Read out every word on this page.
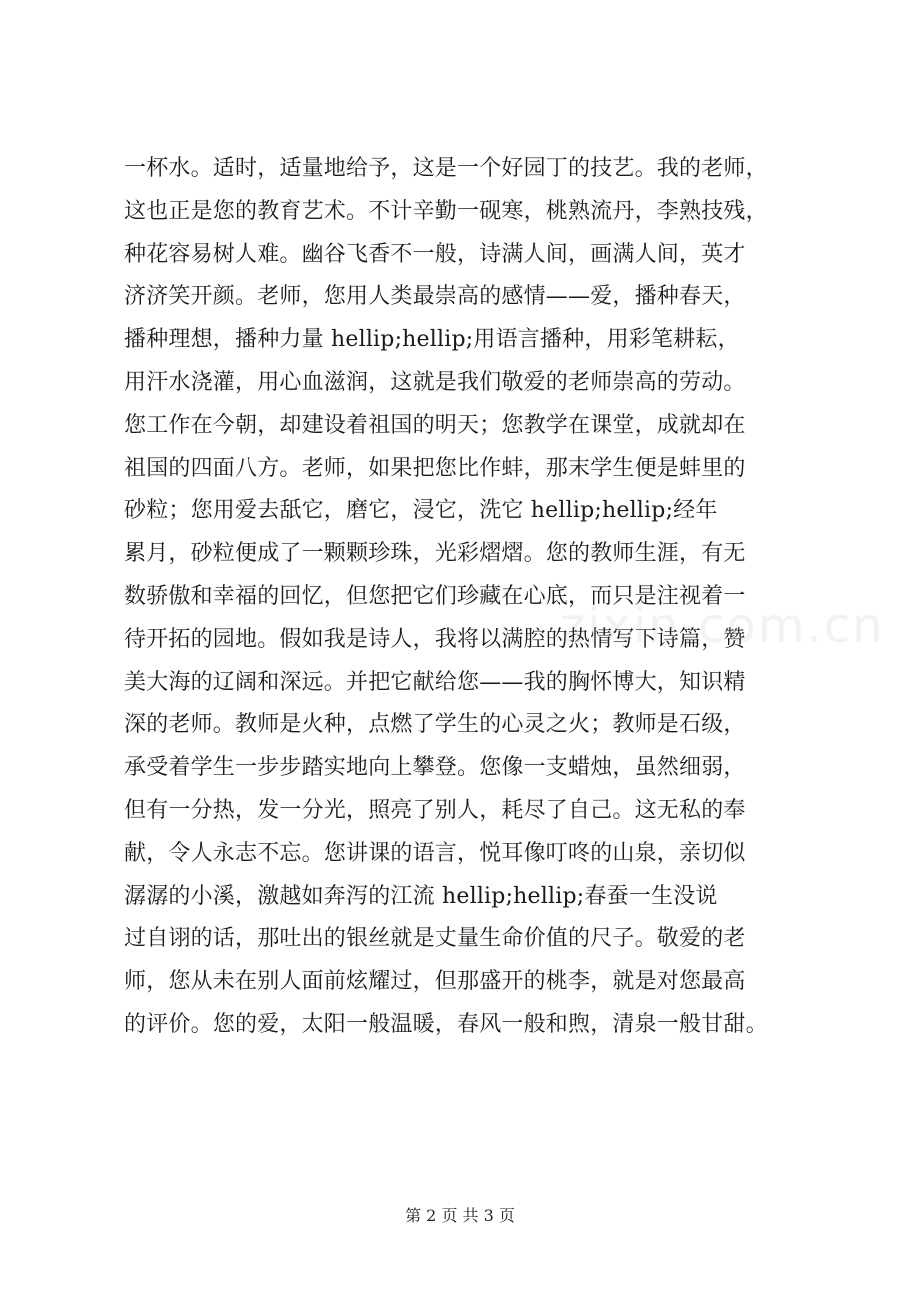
一杯水。适时，适量地给予，这是一个好园丁的技艺。我的老师，
这也正是您的教育艺术。不计辛勤一砚寒，桃熟流丹，李熟技残，
种花容易树人难。幽谷飞香不一般，诗满人间，画满人间，英才
济济笑开颜。老师，您用人类最崇高的感情——爱，播种春天，
播种理想，播种力量 hellip;hellip;用语言播种，用彩笔耕耘，
用汗水浇灌，用心血滋润，这就是我们敬爱的老师崇高的劳动。
您工作在今朝，却建设着祖国的明天；您教学在课堂，成就却在
祖国的四面八方。老师，如果把您比作蚌，那末学生便是蚌里的
砂粒；您用爱去舐它，磨它，浸它，洗它 hellip;hellip;经年
累月，砂粒便成了一颗颗珍珠，光彩熠熠。您的教师生涯，有无
数骄傲和幸福的回忆，但您把它们珍藏在心底，而只是注视着一
待开拓的园地。假如我是诗人，我将以满腔的热情写下诗篇，赞
美大海的辽阔和深远。并把它献给您——我的胸怀博大，知识精
深的老师。教师是火种，点燃了学生的心灵之火；教师是石级，
承受着学生一步步踏实地向上攀登。您像一支蜡烛，虽然细弱，
但有一分热，发一分光，照亮了别人，耗尽了自己。这无私的奉
献，令人永志不忘。您讲课的语言，悦耳像叮咚的山泉，亲切似
潺潺的小溪，激越如奔泻的江流 hellip;hellip;春蚕一生没说
过自诩的话，那吐出的银丝就是丈量生命价值的尺子。敬爱的老
师，您从未在别人面前炫耀过，但那盛开的桃李，就是对您最高
的评价。您的爱，太阳一般温暖，春风一般和煦，清泉一般甘甜。
zixin.com.cn
第 2 页 共 3 页
